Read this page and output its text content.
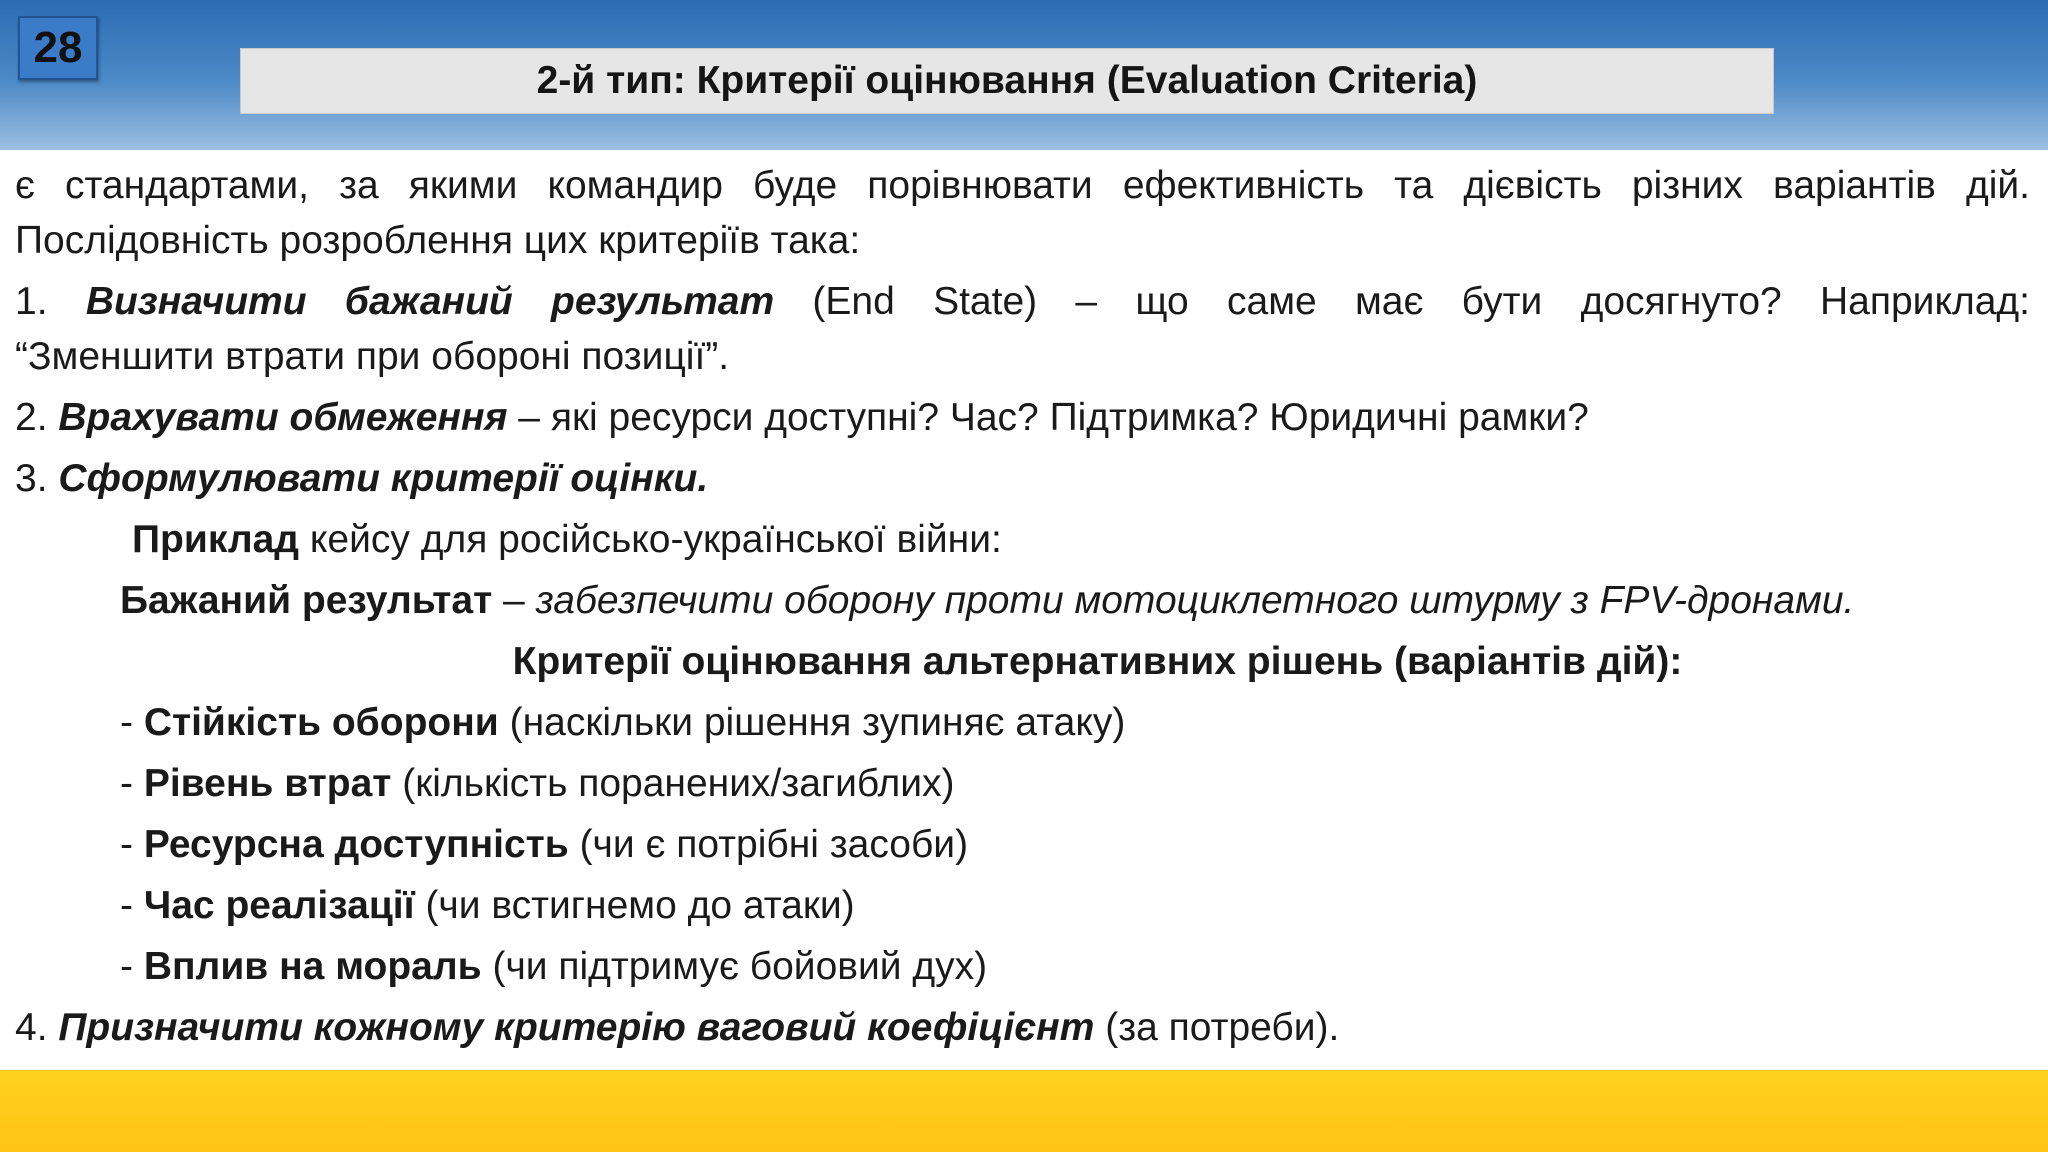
28
2-й тип: Критерії оцінювання (Evaluation Criteria)

є стандартами, за якими командир буде порівнювати ефективність та дієвість різних варіантів дій.

Послідовність розроблення цих критеріїв така:

1. Визначити бажаний результат (End State) – що саме має бути досягнуто? Наприклад:

“Зменшити втрати при обороні позиції”.

2. Врахувати обмеження – які ресурси доступні? Час? Підтримка? Юридичні рамки?

3. Сформулювати критерії оцінки.

Приклад кейсу для російсько-української війни:

Бажаний результат – забезпечити оборону проти мотоциклетного штурму з FPV-дронами.

Критерії оцінювання альтернативних рішень (варіантів дій):

- Стійкість оборони (наскільки рішення зупиняє атаку)

- Рівень втрат (кількість поранених/загиблих)

- Ресурсна доступність (чи є потрібні засоби)

- Час реалізації (чи встигнемо до атаки)

- Вплив на мораль (чи підтримує бойовий дух)

4. Призначити кожному критерію ваговий коефіцієнт (за потреби).
